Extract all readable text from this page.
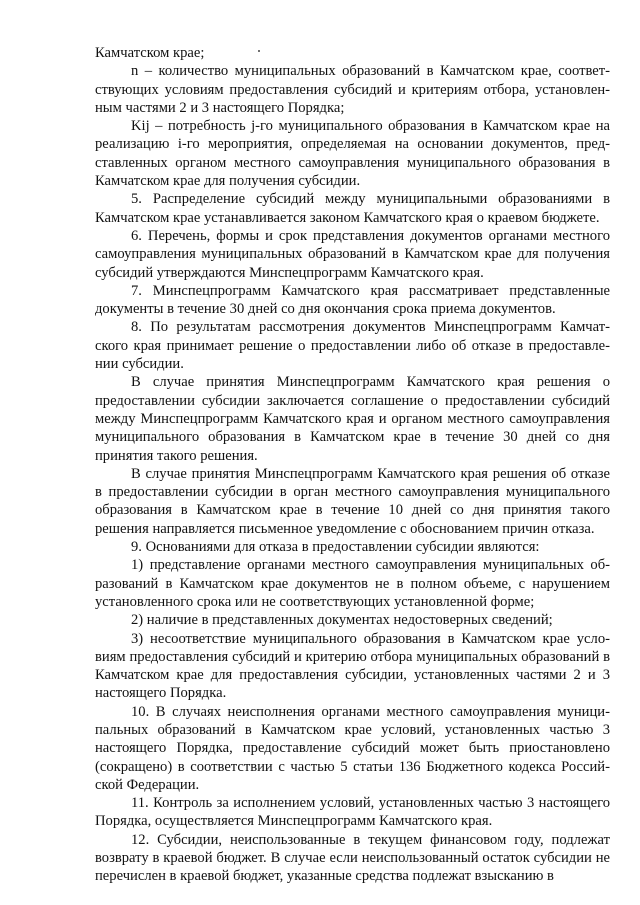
Камчатском крае;

n – количество муниципальных образований в Камчатском крае, соответствующих условиям предоставления субсидий и критериям отбора, установленным частями 2 и 3 настоящего Порядка;

Kij – потребность j-го муниципального образования в Камчатском крае на реализацию i-го мероприятия, определяемая на основании документов, представленных органом местного самоуправления муниципального образования в Камчатском крае для получения субсидии.

5. Распределение субсидий между муниципальными образованиями в Камчатском крае устанавливается законом Камчатского края о краевом бюджете.

6. Перечень, формы и срок представления документов органами местного самоуправления муниципальных образований в Камчатском крае для получения субсидий утверждаются Минспецпрограмм Камчатского края.

7. Минспецпрограмм Камчатского края рассматривает представленные документы в течение 30 дней со дня окончания срока приема документов.

8. По результатам рассмотрения документов Минспецпрограмм Камчатского края принимает решение о предоставлении либо об отказе в предоставлении субсидии.

В случае принятия Минспецпрограмм Камчатского края решения о предоставлении субсидии заключается соглашение о предоставлении субсидий между Минспецпрограмм Камчатского края и органом местного самоуправления муниципального образования в Камчатском крае в течение 30 дней со дня принятия такого решения.

В случае принятия Минспецпрограмм Камчатского края решения об отказе в предоставлении субсидии в орган местного самоуправления муниципального образования в Камчатском крае в течение 10 дней со дня принятия такого решения направляется письменное уведомление с обоснованием причин отказа.

9. Основаниями для отказа в предоставлении субсидии являются:

1) представление органами местного самоуправления муниципальных образований в Камчатском крае документов не в полном объеме, с нарушением установленного срока или не соответствующих установленной форме;

2) наличие в представленных документах недостоверных сведений;

3) несоответствие муниципального образования в Камчатском крае условиям предоставления субсидий и критерию отбора муниципальных образований в Камчатском крае для предоставления субсидии, установленных частями 2 и 3 настоящего Порядка.

10. В случаях неисполнения органами местного самоуправления муниципальных образований в Камчатском крае условий, установленных частью 3 настоящего Порядка, предоставление субсидий может быть приостановлено (сокращено) в соответствии с частью 5 статьи 136 Бюджетного кодекса Российской Федерации.

11. Контроль за исполнением условий, установленных частью 3 настоящего Порядка, осуществляется Минспецпрограмм Камчатского края.

12. Субсидии, неиспользованные в текущем финансовом году, подлежат возврату в краевой бюджет. В случае если неиспользованный остаток субсидии не перечислен в краевой бюджет, указанные средства подлежат взысканию в
